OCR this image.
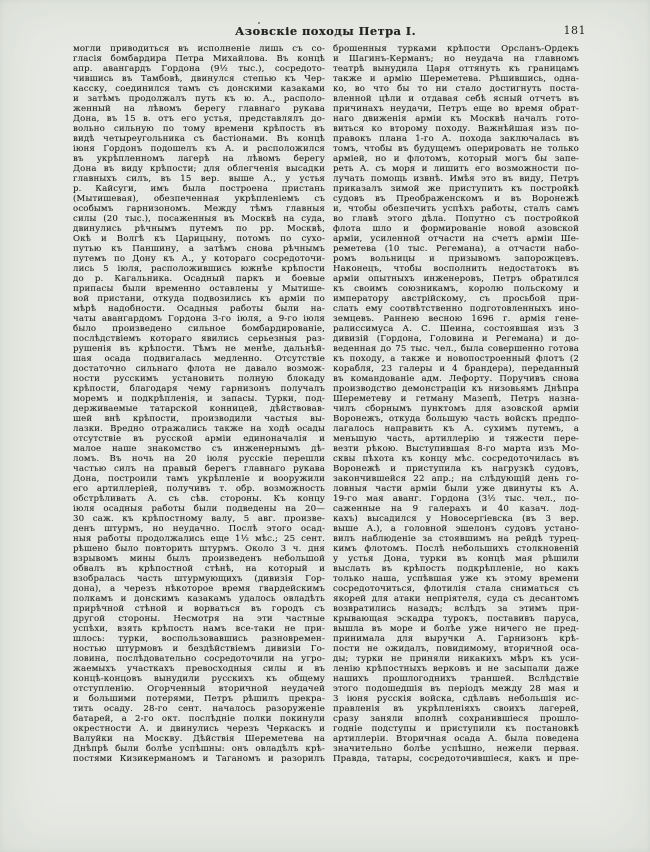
Азовскіе походы Петра I.	181
могли приводиться въ исполненіе лишь съ со-
гласія бомбардира Петра Михайлова. Въ концѣ
апр. авангардъ Гордона (9½ тыс.), сосредото-
чившись въ Тамбовѣ, двинулся степью къ Чер-
касску, соединился тамъ съ донскими казаками
и затѣмъ продолжалъ путь къ ю. А., располо-
женный на лѣвомъ берегу главнаго рукава
Дона, въ 15 в. отъ его устья, представлялъ до-
вольно сильную по тому времени крѣпость въ
видѣ четыреугольника съ бастіонами. Въ концѣ
іюня Гордонъ подошелъ къ А. и расположился
въ укрѣпленномъ лагерѣ на лѣвомъ берегу
Дона въ виду крѣпости; для облегченія высадки
главныхъ силъ, въ 15 вер. выше А., у устья
р. Кайсуги, имъ была построена пристань
(Мытишевая), обезпеченная укрѣпленіемъ съ
особымъ гарнизономъ. Между тѣмъ главныя
силы (20 тыс.), посаженныя въ Москвѣ на суда,
двинулись рѣчнымъ путемъ по рр. Москвѣ,
Окѣ и Волгѣ къ Царицыну, потомъ по сухо-
путью къ Паншину, а затѣмъ снова рѣчнымъ
путемъ по Дону къ А., у котораго сосредоточи-
лись 5 іюля, расположившись южнѣе крѣпости
до р. Кагальника. Осадный паркъ и боевые
припасы были временно оставлены у Мытише-
вой пристани, откуда подвозились къ арміи по
мѣрѣ надобности. Осадныя работы были на-
чаты авангардомъ Гордона 3-го іюля, а 9-го іюля
было произведено сильное бомбардированіе,
послѣдствіемъ котораго явились серьезныя раз-
рушенія въ крѣпости. Тѣмъ не менѣе, дальнѣй-
шая осада подвигалась медленно. Отсутствіе
достаточно сильнаго флота не давало возмож-
ности русскимъ установить полную блокаду
крѣпости, благодаря чему гарнизонъ получалъ
моремъ и подкрѣпленія, и запасы. Турки, под-
держиваемые татарской конницей, дѣйствовав-
шей внѣ крѣпости, производили частыя вы-
лазки. Вредно отражались также на ходѣ осады
отсутствіе въ русской арміи единоначалія и
малое наше знакомство съ инженернымъ дѣ-
ломъ. Въ ночь на 20 іюля русскіе перешли
частью силъ на правый берегъ главнаго рукава
Дона, построили тамъ укрѣпленіе и вооружили
его артиллеріей, получивъ т. обр. возможность
обстрѣливать А. съ сѣв. стороны. Къ концу
іюля осадныя работы были подведены на 20—
30 саж. къ крѣпостному валу, 5 авг. произве-
денъ штурмъ, но неудачно. Послѣ этого осад-
ныя работы продолжались еще 1½ мѣс.; 25 сент.
рѣшено было повторить штурмъ. Около 3 ч. дня
взрывомъ мины былъ произведенъ небольшой
обвалъ въ крѣпостной стѣнѣ, на который и
взобралась часть штурмующихъ (дивизія Гор-
дона), а черезъ нѣкоторое время гвардейскимъ
полкамъ и донскимъ казакамъ удалось овладѣть
прирѣчной стѣной и ворваться въ городъ съ
другой стороны. Несмотря на эти частные
успѣхи, взять крѣпость намъ все-таки не при-
шлось: турки, воспользовавшись разновремен-
ностью штурмовъ и бездѣйствіемъ дивизіи Го-
ловина, послѣдовательно сосредоточили на угро-
жаемыхъ участкахъ превосходныя силы и въ
концѣ-концовъ вынудили русскихъ къ общему
отступленію. Огорченный вторичной неудачей
и большими потерями, Петръ рѣшилъ прекра-
тить осаду. 28-го сент. началось разоруженіе
батарей, а 2-го окт. послѣдніе полки покинули
окрестности А. и двинулись черезъ Черкаскъ и
Валуйки на Москву. Дѣйствія Шереметева на
Днѣпрѣ были болѣе успѣшны: онъ овладѣлъ крѣ-
постями Кизикерманомъ и Таганомъ и разорилъ
брошенныя турками крѣпости Орсланъ-Ордекъ
и Шагинъ-Керманъ; но неудача на главномъ
театрѣ вынудила Царя оттянуть къ границамъ
также и армію Шереметева. Рѣшившись, одна-
ко, во что бы то ни стало достигнуть поста-
вленной цѣли и отдавая себѣ ясный отчетъ въ
причинахъ неудачи, Петръ еще во время обрат-
наго движенія арміи къ Москвѣ началъ гото-
виться ко второму походу. Важнѣйшая изъ по-
правокъ плана 1-го А. похода заключалась въ
томъ, чтобы въ будущемъ оперировать не только
арміей, но и флотомъ, который могъ бы запе-
реть А. съ моря и лишить его возможности по-
лучать помощь извнѣ. Имѣя это въ виду, Петръ
приказалъ зимой же приступить къ постройкѣ
судовъ въ Преображенскомъ и въ Воронежѣ
и, чтобы обезпечить успѣхъ работы, сталъ самъ
во главѣ этого дѣла. Попутно съ постройкой
флота шло и формированіе новой азовской
арміи, усиленной отчасти на счетъ арміи Ше-
реметева (10 тыс. Регемана), а отчасти набо-
ромъ вольницы и призывомъ запорожцевъ.
Наконецъ, чтобы восполнить недостатокъ въ
арміи опытныхъ инженеровъ, Петръ обратился
къ своимъ союзникамъ, королю польскому и
императору австрійскому, съ просьбой при-
слать ему соотвѣтственно подготовленныхъ ино-
земцевъ. Раннею весною 1696 г. армія гене-
ралиссимуса А. С. Шеина, состоявшая изъ 3
дивизій (Гордона, Головина и Регемана) и до-
веденная до 75 тыс. чел., была совершенно готова
къ походу, а также и новопостроенный флотъ (2
корабля, 23 галеры и 4 брандера), переданный
въ командованіе адм. Лефорту. Поручивъ снова
производство демонстраціи къ низовьямъ Днѣпра
Шереметеву и гетману Мазепѣ, Петръ назна-
чилъ сборнымъ пунктомъ для азовской арміи
Воронежъ, откуда большую часть войскъ предпо-
лагалось направить къ А. сухимъ путемъ, а
меньшую часть, артиллерію и тяжести пере-
везти рѣкою. Выступившая 8-го марта изъ Мо-
сквы пѣхота къ концу мѣс. сосредоточилась въ
Воронежѣ и приступила къ нагрузкѣ судовъ,
закончившейся 22 апр.; на слѣдующій день го-
ловныя части арміи были уже двинуты къ А.
19-го мая аванг. Гордона (3½ тыс. чел., по-
саженные на 9 галерахъ и 40 казач. лод-
кахъ) высадился у Новосергіевска (въ 3 вер.
выше А.), а головной эшелонъ судовъ устано-
вилъ наблюденіе за стоявшимъ на рейдѣ турец-
кимъ флотомъ. Послѣ небольшихъ столкновеній
у устья Дона, турки въ концѣ мая рѣшили
выслать въ крѣпость подкрѣпленіе, но какъ
только наша, успѣвшая уже къ этому времени
сосредоточиться, флотилія стала сниматься съ
якорей для атаки непріятеля, суда съ десантомъ
возвратились назадъ; вслѣдъ за этимъ при-
крывающая эскадра турокъ, поставивъ паруса,
вышла въ море и болѣе уже ничего не пред-
принимала для выручки А. Гарнизонъ крѣ-
пости не ожидалъ, повидимому, вторичной оса-
ды; турки не приняли никакихъ мѣръ къ уси-
ленію крѣпостныхъ верковъ и не засыпали даже
нашихъ прошлогоднихъ траншей. Вслѣдствіе
этого подошедшія въ періодъ между 28 мая и
3 іюня русскія войска, сдѣлавъ небольшія ис-
правленія въ укрѣпленіяхъ своихъ лагерей,
сразу заняли вполнѣ сохранившіеся прошло-
годніе подступы и приступили къ постановкѣ
артиллеріи. Вторичная осада А. была поведена
значительно болѣе успѣшно, нежели первая.
Правда, татары, сосредоточившіеся, какъ и пре-
